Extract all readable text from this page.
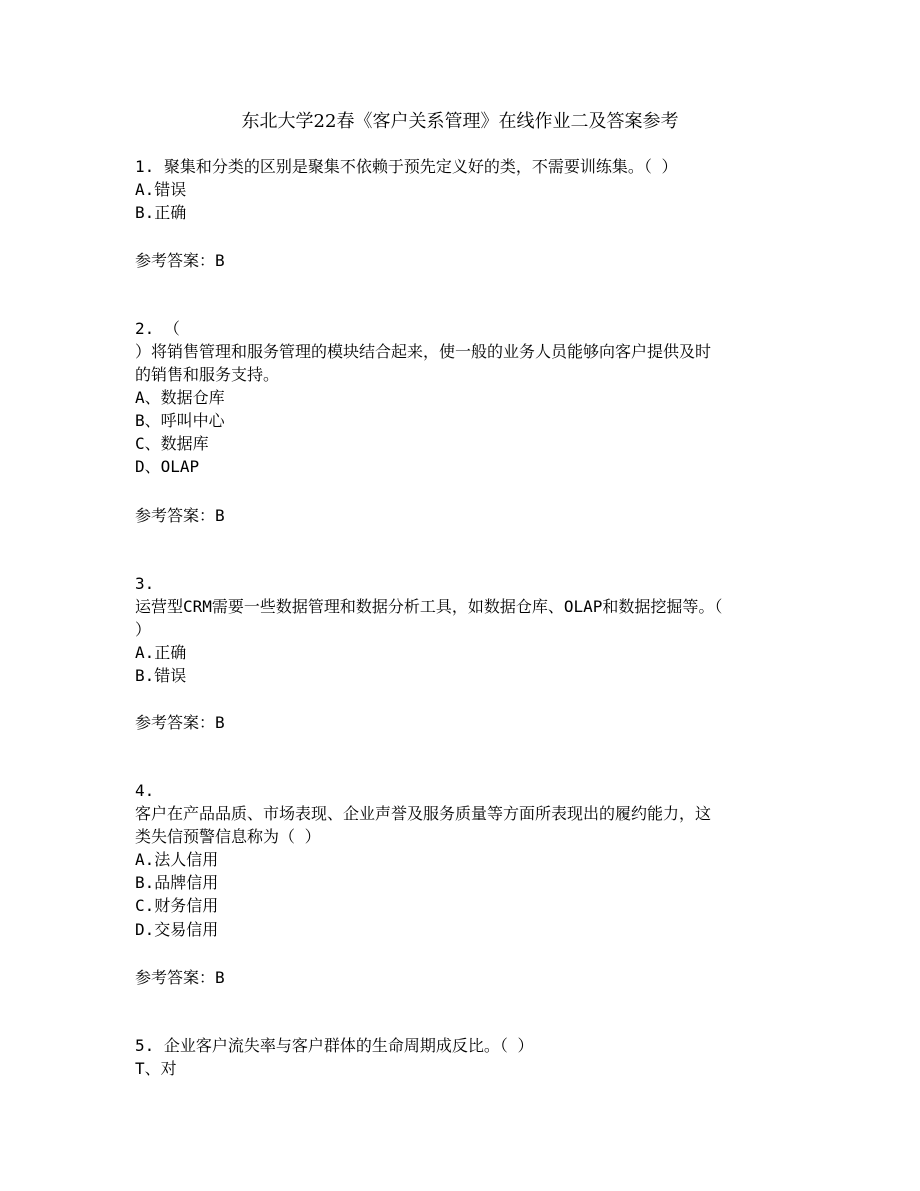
东北大学22春《客户关系管理》在线作业二及答案参考
1. 聚集和分类的区别是聚集不依赖于预先定义好的类，不需要训练集。（ ）
A.错误
B.正确
参考答案：B
2. （
）将销售管理和服务管理的模块结合起来，使一般的业务人员能够向客户提供及时
的销售和服务支持。
A、数据仓库
B、呼叫中心
C、数据库
D、OLAP
参考答案：B
3.
运营型CRM需要一些数据管理和数据分析工具，如数据仓库、OLAP和数据挖掘等。（
）
A.正确
B.错误
参考答案：B
4.
客户在产品品质、市场表现、企业声誉及服务质量等方面所表现出的履约能力，这
类失信预警信息称为（ ）
A.法人信用
B.品牌信用
C.财务信用
D.交易信用
参考答案：B
5. 企业客户流失率与客户群体的生命周期成反比。（ ）
T、对
